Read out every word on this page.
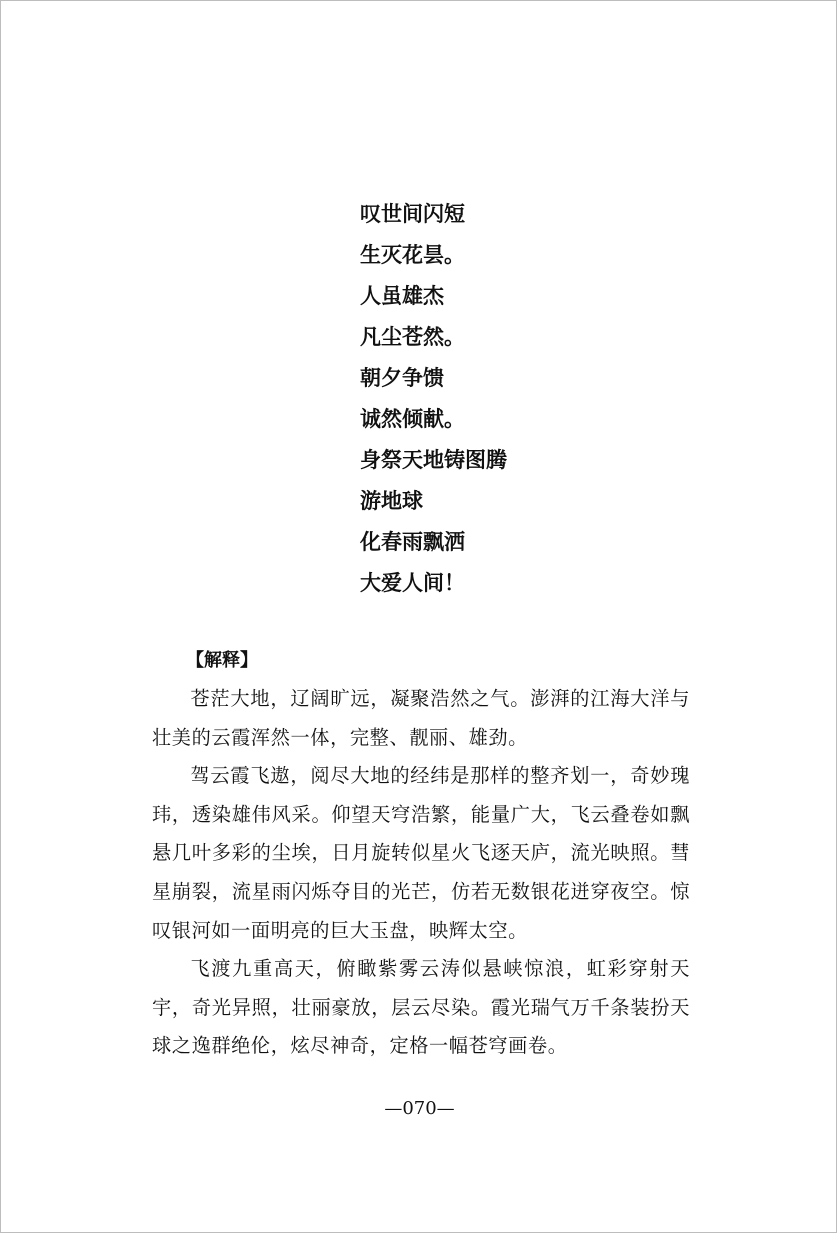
叹世间闪短
生灭花昙。
人虽雄杰
凡尘苍然。
朝夕争馈
诚然倾献。
身祭天地铸图腾
游地球
化春雨飘洒
大爱人间！
【解释】

苍茫大地，辽阔旷远，凝聚浩然之气。澎湃的江海大洋与壮美的云霞浑然一体，完整、靓丽、雄劲。

驾云霞飞遨，阅尽大地的经纬是那样的整齐划一，奇妙瑰玮，透染雄伟风采。仰望天穹浩繁，能量广大，飞云叠卷如飘悬几叶多彩的尘埃，日月旋转似星火飞逐天庐，流光映照。彗星崩裂，流星雨闪烁夺目的光芒，仿若无数银花迸穿夜空。惊叹银河如一面明亮的巨大玉盘，映辉太空。

飞渡九重高天，俯瞰紫雾云涛似悬峡惊浪，虹彩穿射天宇，奇光异照，壮丽豪放，层云尽染。霞光瑞气万千条装扮天球之逸群绝伦，炫尽神奇，定格一幅苍穹画卷。

—070—
